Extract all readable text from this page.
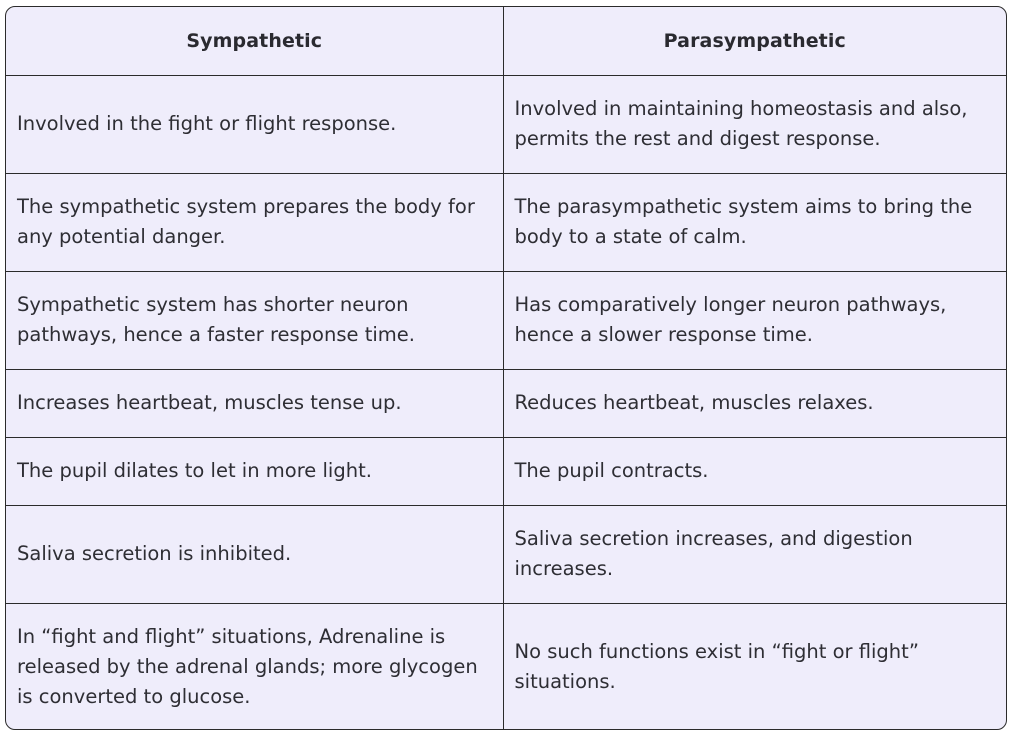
Sympathetic	Parasympathetic

Involved in the fight or flight response.	Involved in maintaining homeostasis and also, permits the rest and digest response.

The sympathetic system prepares the body for any potential danger.	The parasympathetic system aims to bring the body to a state of calm.

Sympathetic system has shorter neuron pathways, hence a faster response time.	Has comparatively longer neuron pathways, hence a slower response time.

Increases heartbeat, muscles tense up.	Reduces heartbeat, muscles relaxes.

The pupil dilates to let in more light.	The pupil contracts.

Saliva secretion is inhibited.	Saliva secretion increases, and digestion increases.

In “fight and flight” situations, Adrenaline is released by the adrenal glands; more glycogen is converted to glucose.	No such functions exist in “fight or flight” situations.
